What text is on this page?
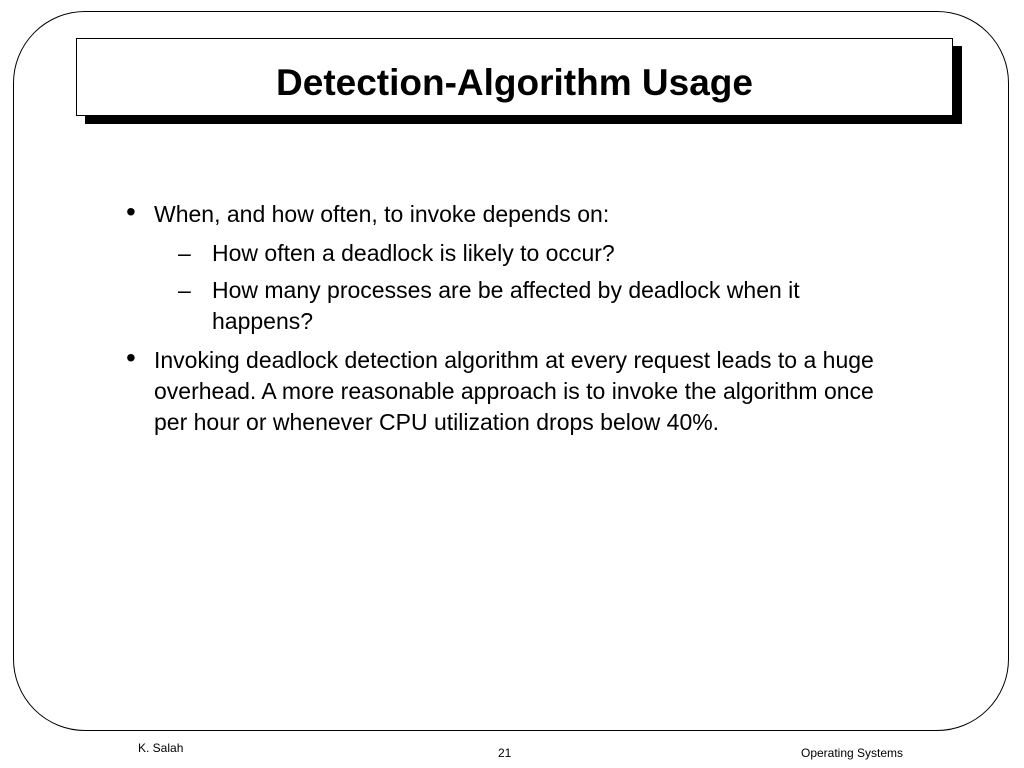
Detection-Algorithm Usage
• When, and how often, to invoke depends on:
– How often a deadlock is likely to occur?
– How many processes are be affected by deadlock when it happens?
• Invoking deadlock detection algorithm at every request leads to a huge overhead. A more reasonable approach is to invoke the algorithm once per hour or whenever CPU utilization drops below 40%.
K. Salah	21	Operating Systems
